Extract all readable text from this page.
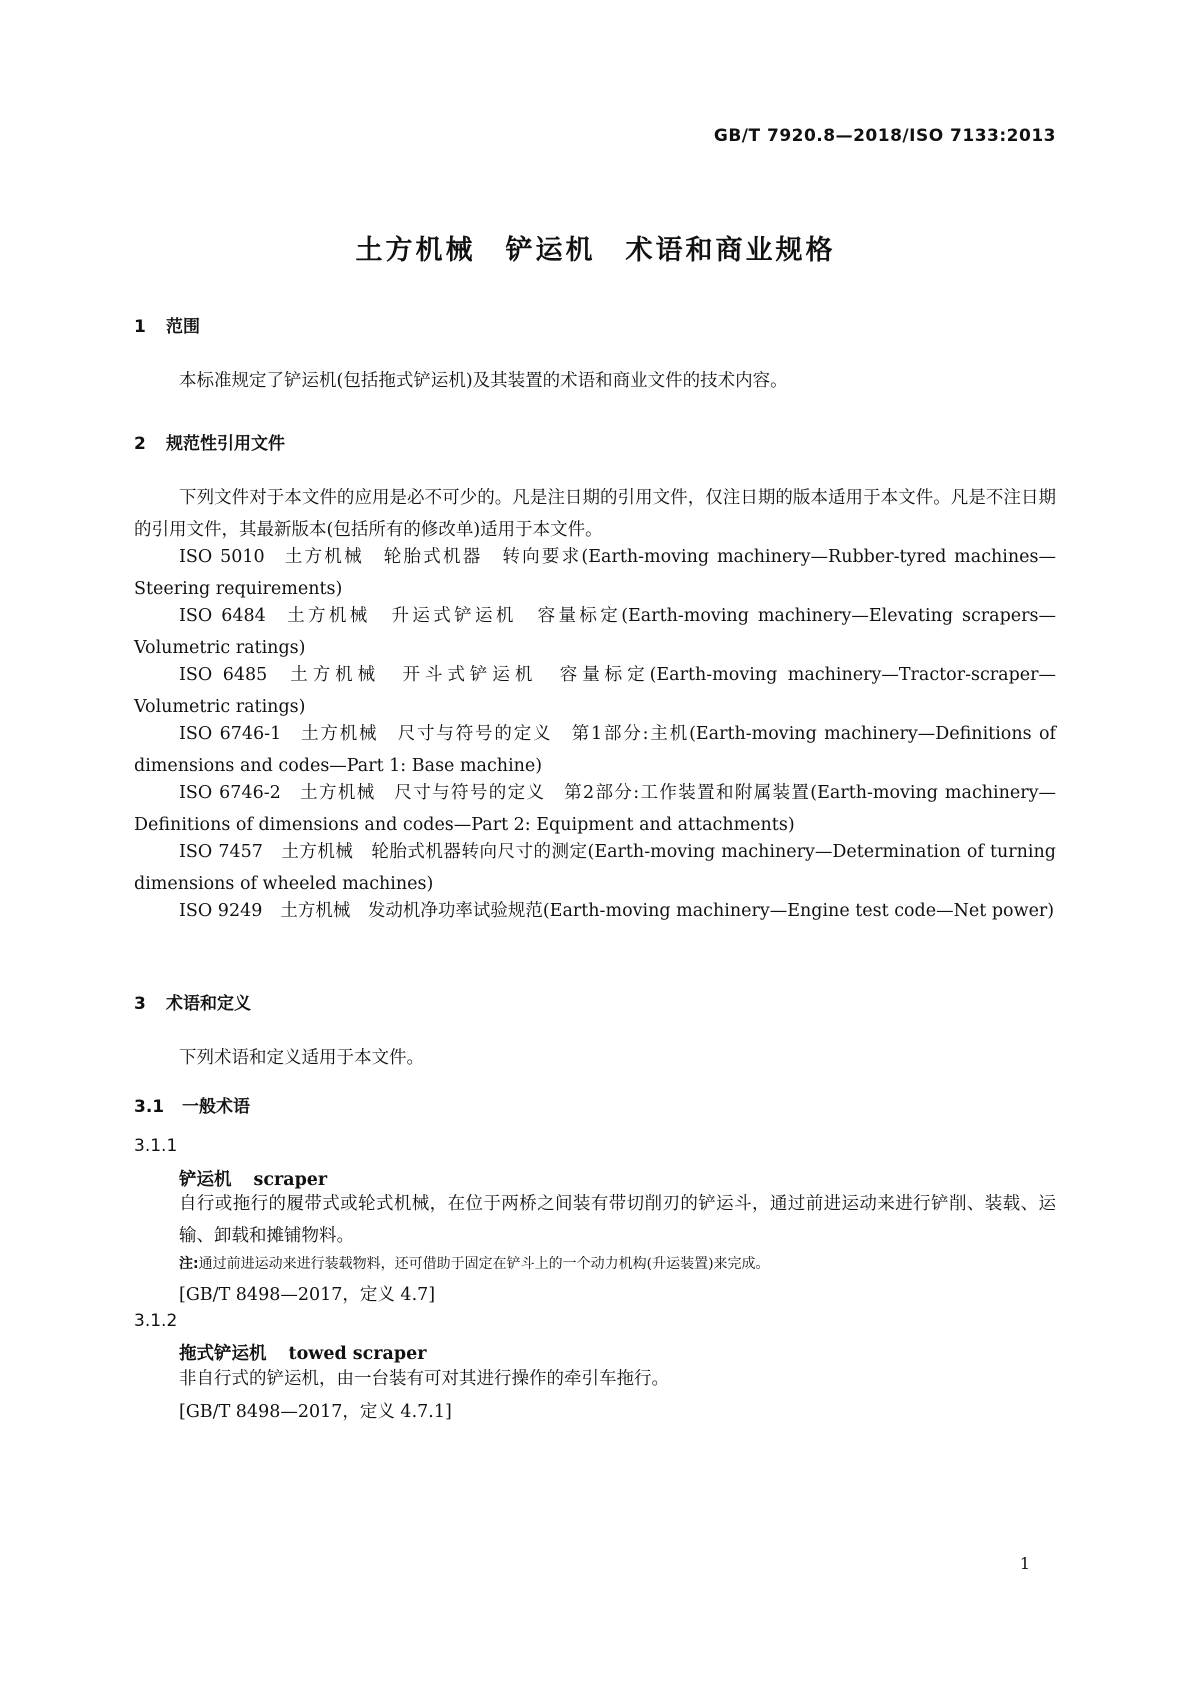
GB/T 7920.8—2018/ISO 7133:2013
土方机械　铲运机　术语和商业规格
1 范围
本标准规定了铲运机(包括拖式铲运机)及其装置的术语和商业文件的技术内容。
2 规范性引用文件
下列文件对于本文件的应用是必不可少的。凡是注日期的引用文件，仅注日期的版本适用于本文件。凡是不注日期的引用文件，其最新版本(包括所有的修改单)适用于本文件。
ISO 5010 土方机械　轮胎式机器　转向要求(Earth-moving machinery—Rubber-tyred machines—Steering requirements)
ISO 6484 土方机械　升运式铲运机　容量标定(Earth-moving machinery—Elevating scrapers—Volumetric ratings)
ISO 6485 土方机械　开斗式铲运机　容量标定(Earth-moving machinery—Tractor-scraper—Volumetric ratings)
ISO 6746-1 土方机械　尺寸与符号的定义　第1部分:主机(Earth-moving machinery—Definitions of dimensions and codes—Part 1: Base machine)
ISO 6746-2 土方机械　尺寸与符号的定义　第2部分:工作装置和附属装置(Earth-moving machinery—Definitions of dimensions and codes—Part 2: Equipment and attachments)
ISO 7457 土方机械　轮胎式机器转向尺寸的测定(Earth-moving machinery—Determination of turning dimensions of wheeled machines)
ISO 9249 土方机械　发动机净功率试验规范(Earth-moving machinery—Engine test code—Net power)
3 术语和定义
下列术语和定义适用于本文件。
3.1 一般术语
3.1.1
铲运机 scraper
自行或拖行的履带式或轮式机械，在位于两桥之间装有带切削刃的铲运斗，通过前进运动来进行铲削、装载、运输、卸载和摊铺物料。
注:通过前进运动来进行装载物料，还可借助于固定在铲斗上的一个动力机构(升运装置)来完成。
[GB/T 8498—2017，定义 4.7]
3.1.2
拖式铲运机 towed scraper
非自行式的铲运机，由一台装有可对其进行操作的牵引车拖行。
[GB/T 8498—2017，定义 4.7.1]
1
